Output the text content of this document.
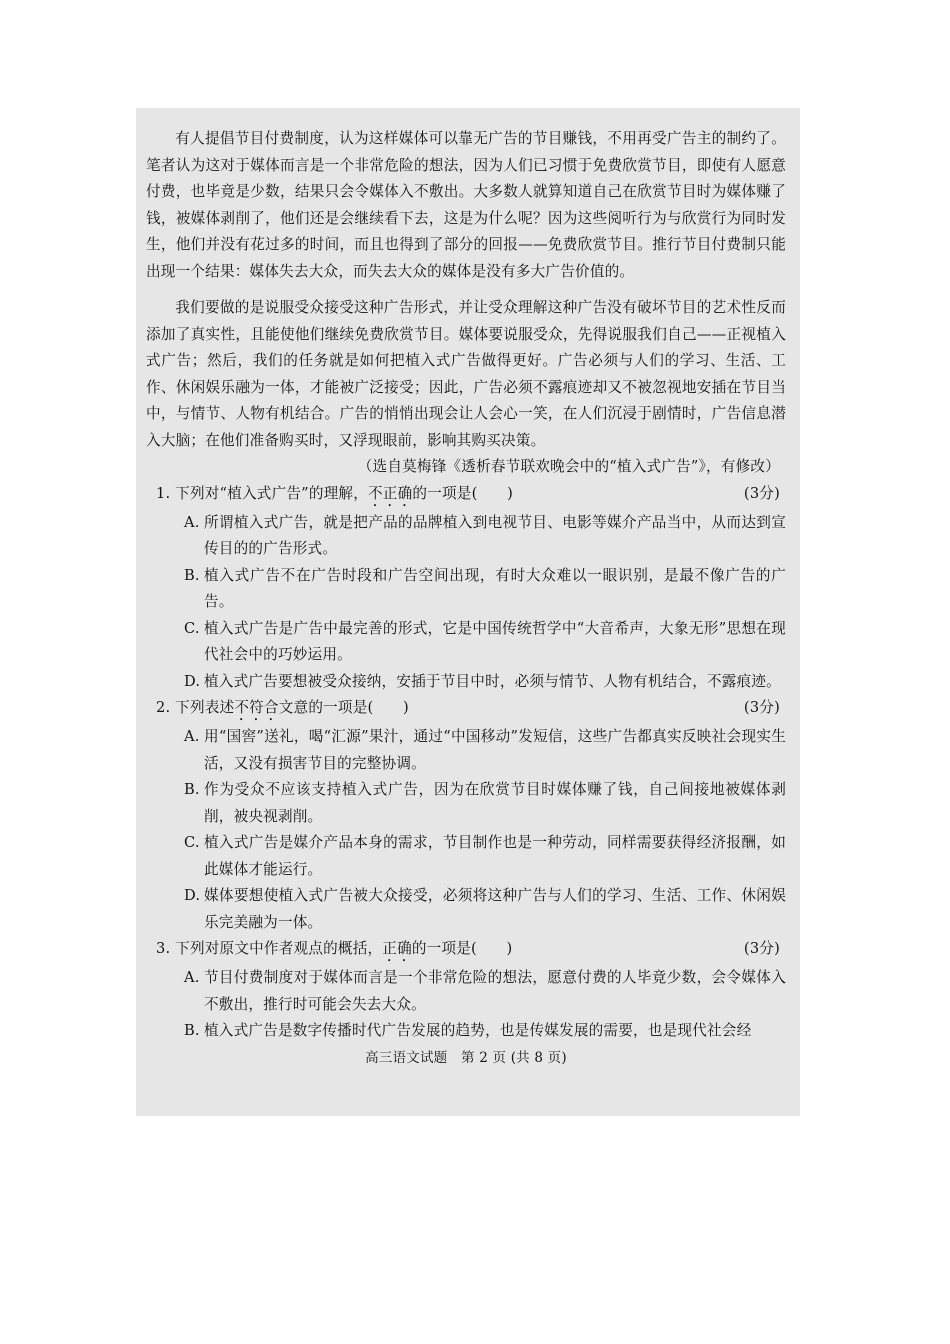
有人提倡节目付费制度，认为这样媒体可以靠无广告的节目赚钱，不用再受广告主的制约了。笔者认为这对于媒体而言是一个非常危险的想法，因为人们已习惯于免费欣赏节目，即使有人愿意付费，也毕竟是少数，结果只会令媒体入不敷出。大多数人就算知道自己在欣赏节目时为媒体赚了钱，被媒体剥削了，他们还是会继续看下去，这是为什么呢？因为这些阅听行为与欣赏行为同时发生，他们并没有花过多的时间，而且也得到了部分的回报——免费欣赏节目。推行节目付费制只能出现一个结果：媒体失去大众，而失去大众的媒体是没有多大广告价值的。

我们要做的是说服受众接受这种广告形式，并让受众理解这种广告没有破坏节目的艺术性反而添加了真实性，且能使他们继续免费欣赏节目。媒体要说服受众，先得说服我们自己——正视植入式广告；然后，我们的任务就是如何把植入式广告做得更好。广告必须与人们的学习、生活、工作、休闲娱乐融为一体，才能被广泛接受；因此，广告必须不露痕迹却又不被忽视地安插在节目当中，与情节、人物有机结合。广告的悄悄出现会让人会心一笑，在人们沉浸于剧情时，广告信息潜入大脑；在他们准备购买时，又浮现眼前，影响其购买决策。

（选自莫梅锋《透析春节联欢晚会中的“植入式广告”》，有修改）

1. 下列对“植入式广告”的理解，不正确的一项是(　　)	(3分)
A. 所谓植入式广告，就是把产品的品牌植入到电视节目、电影等媒介产品当中，从而达到宣传目的的广告形式。
B. 植入式广告不在广告时段和广告空间出现，有时大众难以一眼识别，是最不像广告的广告。
C. 植入式广告是广告中最完善的形式，它是中国传统哲学中“大音希声，大象无形”思想在现代社会中的巧妙运用。
D. 植入式广告要想被受众接纳，安插于节目中时，必须与情节、人物有机结合，不露痕迹。
2. 下列表述不符合文意的一项是(　　)	(3分)
A. 用“国窖”送礼，喝“汇源”果汁，通过“中国移动”发短信，这些广告都真实反映社会现实生活，又没有损害节目的完整协调。
B. 作为受众不应该支持植入式广告，因为在欣赏节目时媒体赚了钱，自己间接地被媒体剥削，被央视剥削。
C. 植入式广告是媒介产品本身的需求，节目制作也是一种劳动，同样需要获得经济报酬，如此媒体才能运行。
D. 媒体要想使植入式广告被大众接受，必须将这种广告与人们的学习、生活、工作、休闲娱乐完美融为一体。
3. 下列对原文中作者观点的概括，正确的一项是(　　)	(3分)
A. 节目付费制度对于媒体而言是一个非常危险的想法，愿意付费的人毕竟少数，会令媒体入不敷出，推行时可能会失去大众。
B. 植入式广告是数字传播时代广告发展的趋势，也是传媒发展的需要，也是现代社会经

高三语文试题　第 2 页 (共 8 页)
